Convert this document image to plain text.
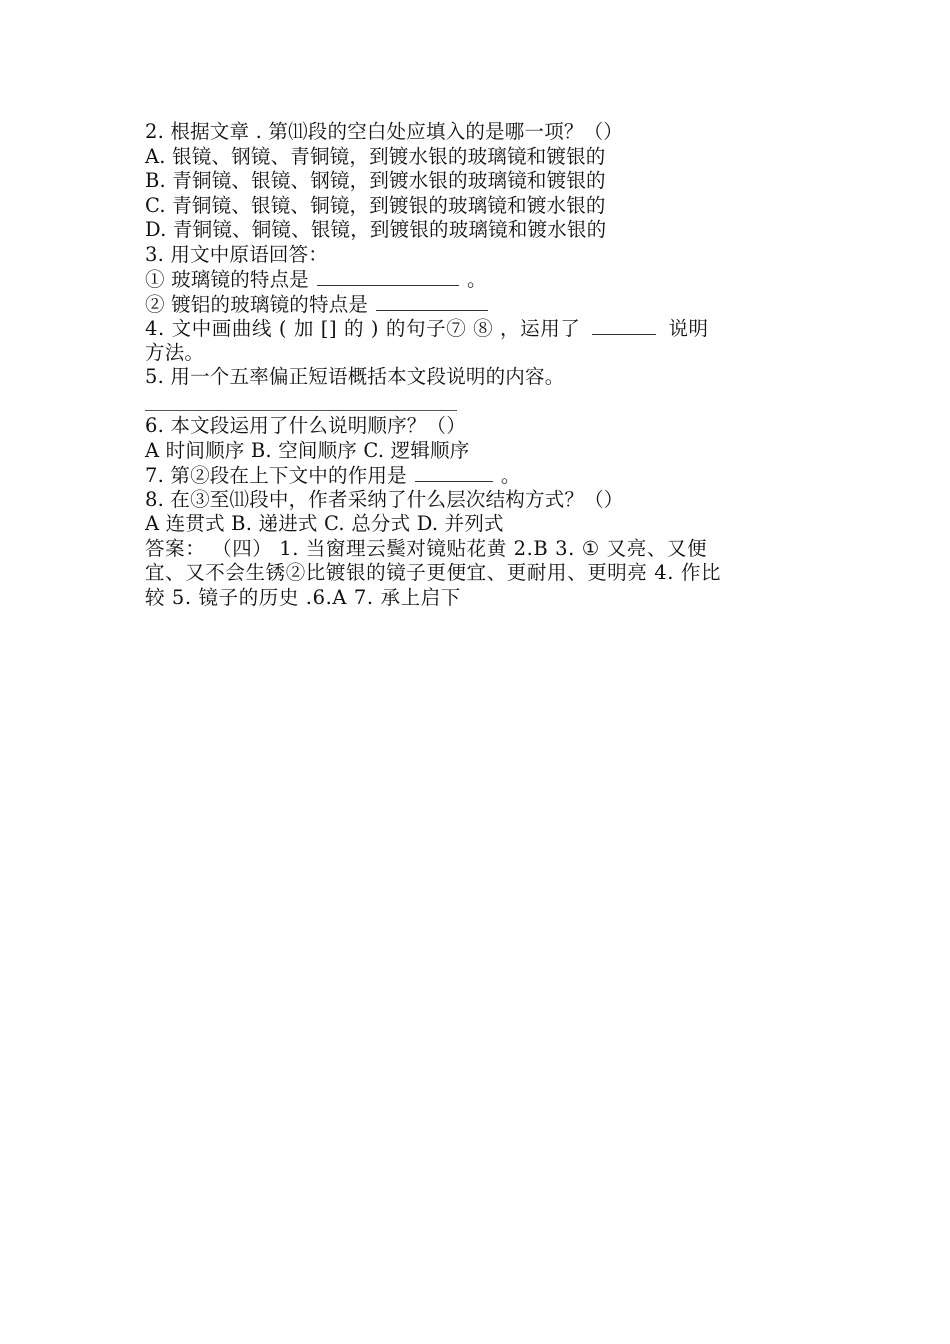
2. 根据文章 . 第⑾段的空白处应填入的是哪一项？（）
A. 银镜、钢镜、青铜镜，到镀水银的玻璃镜和镀银的
B. 青铜镜、银镜、钢镜，到镀水银的玻璃镜和镀银的
C. 青铜镜、银镜、铜镜，到镀银的玻璃镜和镀水银的
D. 青铜镜、铜镜、银镜，到镀银的玻璃镜和镀水银的
3. 用文中原语回答：
① 玻璃镜的特点是	。
② 镀铝的玻璃镜的特点是
4. 文中画曲线 ( 加 [] 的 ) 的句子⑦ ⑧ ，运用了	说明
方法。
5. 用一个五率偏正短语概括本文段说明的内容。
6. 本文段运用了什么说明顺序？（）
A 时间顺序 B. 空间顺序 C. 逻辑顺序
7. 第②段在上下文中的作用是	。
8. 在③至⑾段中，作者采纳了什么层次结构方式？（）
A 连贯式 B. 递进式 C. 总分式 D. 并列式
答案： （四） 1. 当窗理云鬓对镜贴花黄 2.B 3. ① 又亮、又便
宜、又不会生锈②比镀银的镜子更便宜、更耐用、更明亮 4. 作比
较 5. 镜子的历史 .6.A 7. 承上启下
